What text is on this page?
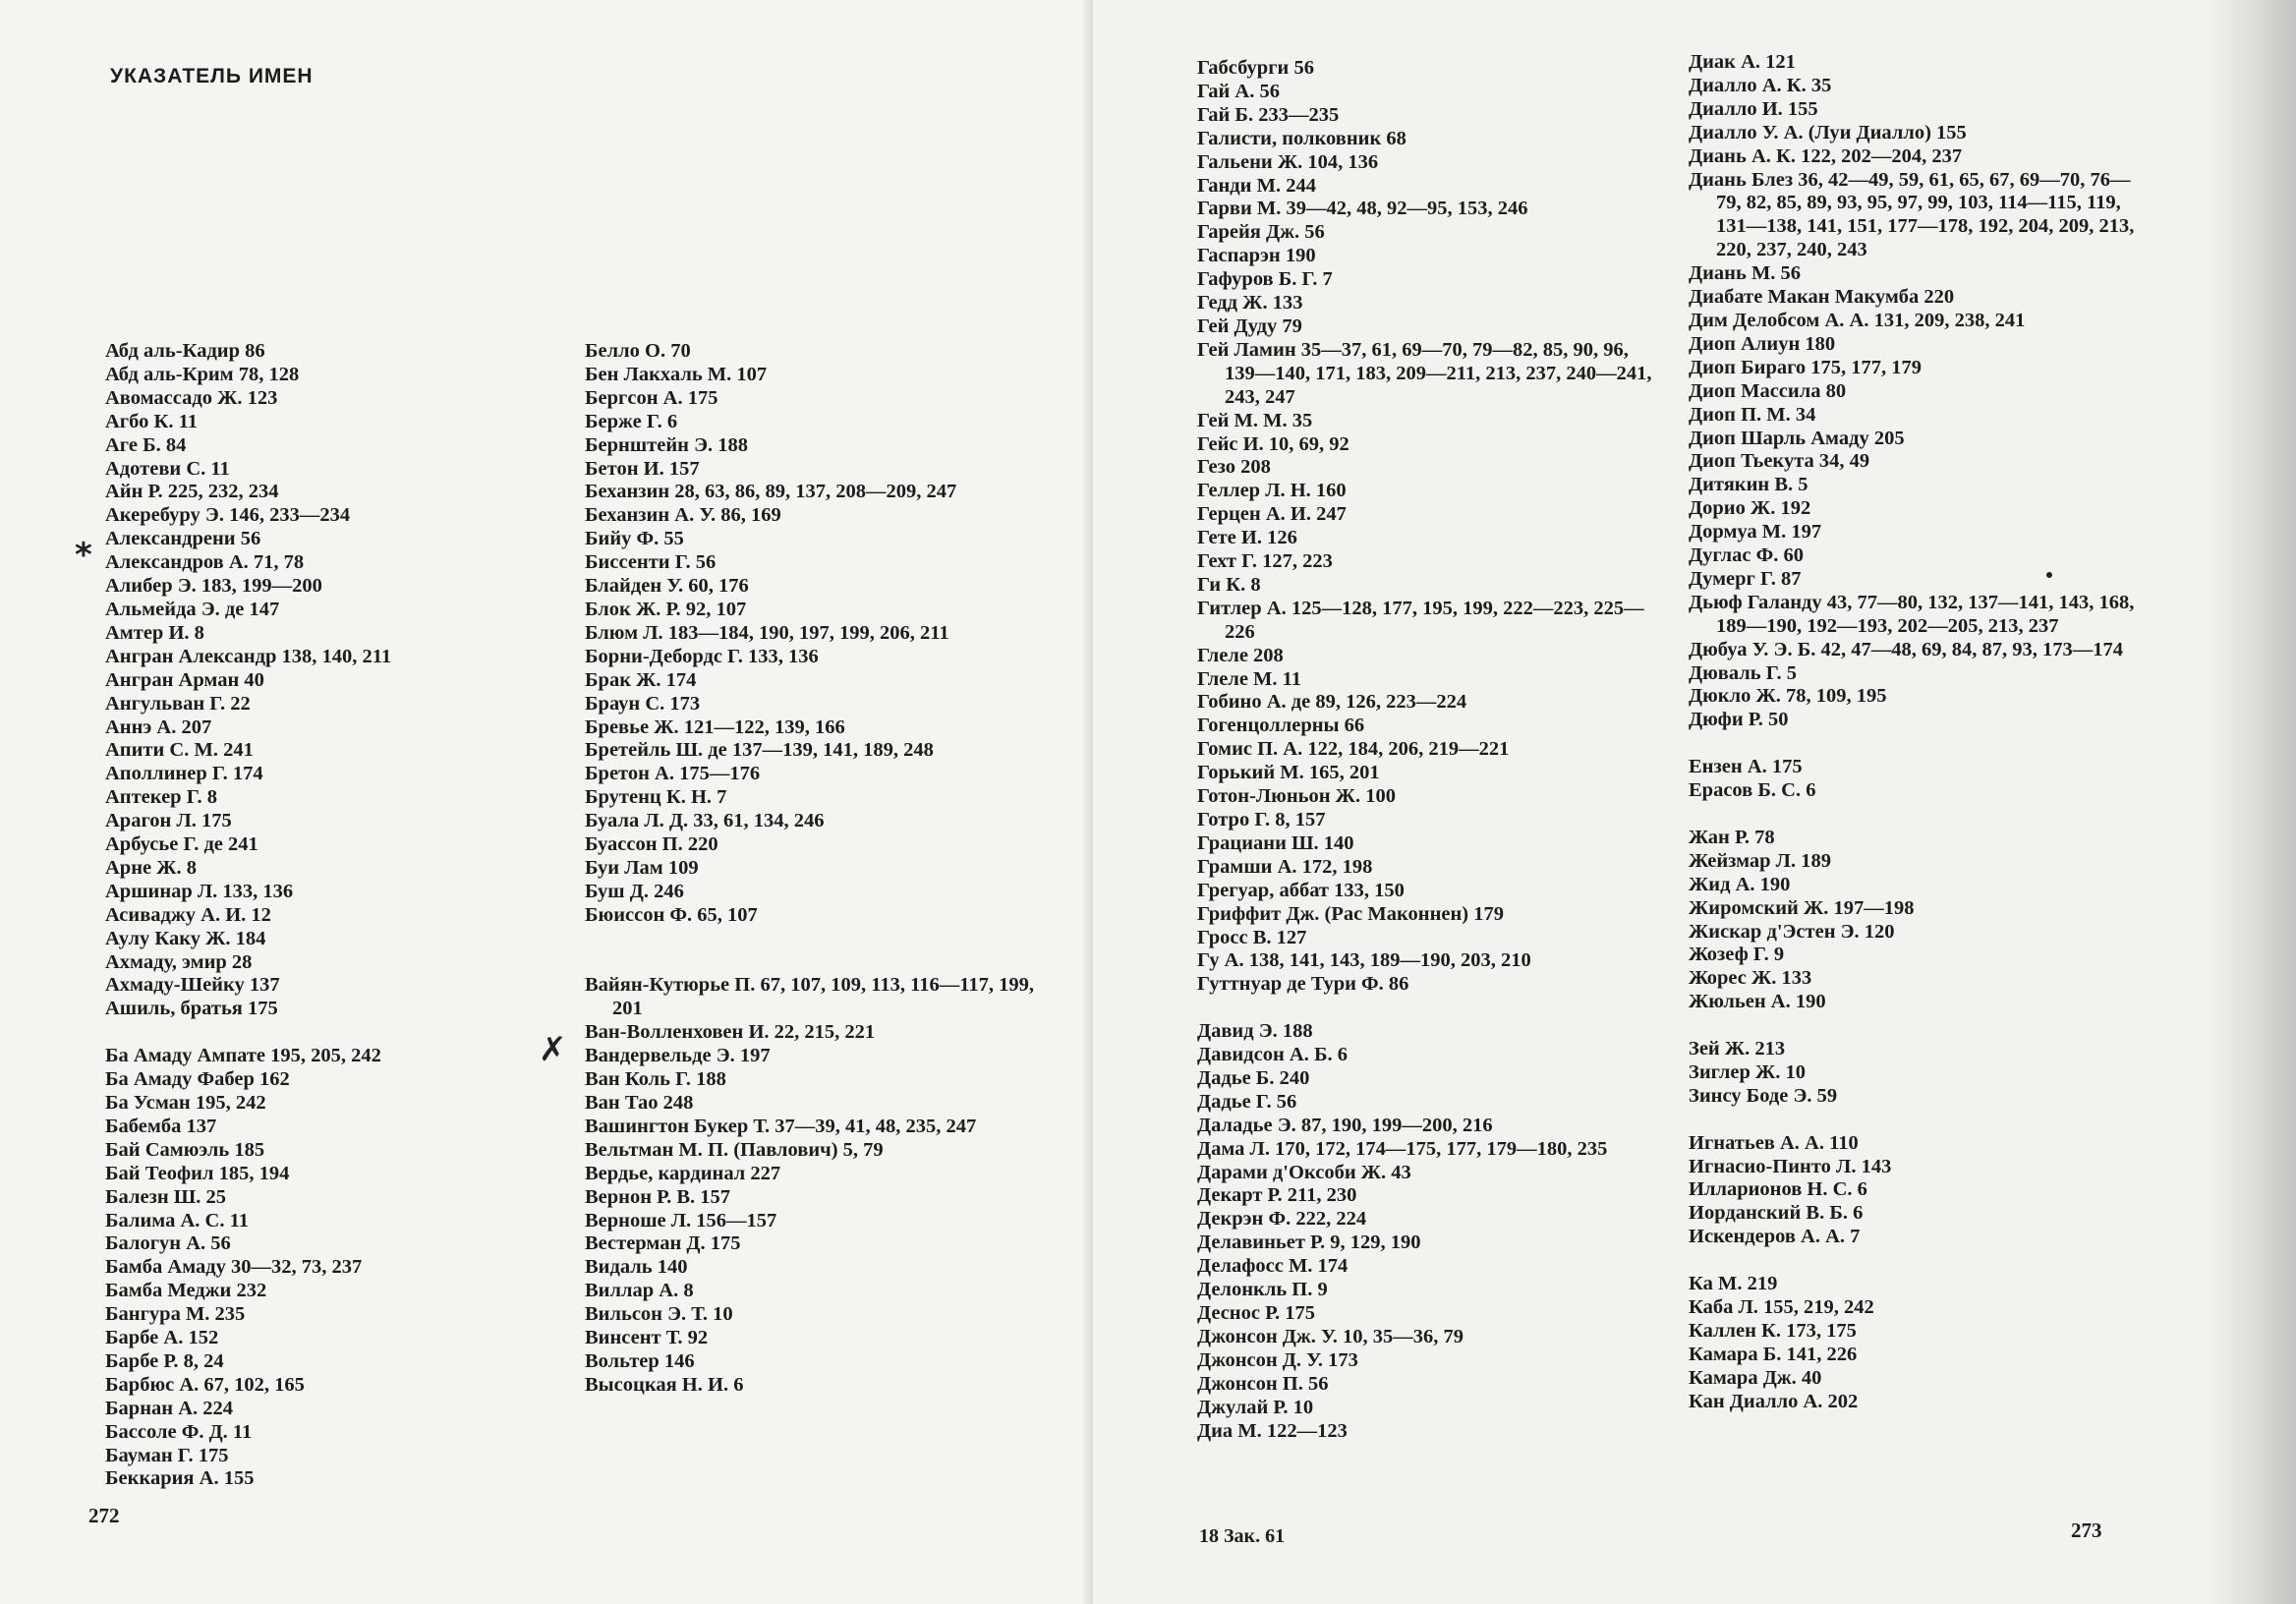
УКАЗАТЕЛЬ ИМЕН
Абд аль-Кадир 86
Абд аль-Крим 78, 128
Авомассадо Ж. 123
Агбо К. 11
Аге Б. 84
Адотеви С. 11
Айн Р. 225, 232, 234
Акеребуру Э. 146, 233—234
Александрени 56
Александров А. 71, 78
Алибер Э. 183, 199—200
Альмейда Э. де 147
Амтер И. 8
Ангран Александр 138, 140, 211
Ангран Арман 40
Ангульван Г. 22
Аннэ А. 207
Апити С. М. 241
Аполлинер Г. 174
Аптекер Г. 8
Арагон Л. 175
Арбусье Г. де 241
Арне Ж. 8
Аршинар Л. 133, 136
Асиваджу А. И. 12
Аулу Каку Ж. 184
Ахмаду, эмир 28
Ахмаду-Шейку 137
Ашиль, братья 175
Ба Амаду Ампате 195, 205, 242
Ба Амаду Фабер 162
Ба Усман 195, 242
Бабемба 137
Бай Самюэль 185
Бай Теофил 185, 194
Балезн Ш. 25
Балима А. С. 11
Балогун А. 56
Бамба Амаду 30—32, 73, 237
Бамба Меджи 232
Бангура М. 235
Барбе А. 152
Барбе Р. 8, 24
Барбюс А. 67, 102, 165
Барнан А. 224
Бассоле Ф. Д. 11
Бауман Г. 175
Беккария А. 155
Белло О. 70
Бен Лакхаль М. 107
Бергсон А. 175
Берже Г. 6
Бернштейн Э. 188
Бетон И. 157
Беханзин 28, 63, 86, 89, 137, 208—209, 247
Беханзин А. У. 86, 169
Бийу Ф. 55
Биссенти Г. 56
Блайден У. 60, 176
Блок Ж. Р. 92, 107
Блюм Л. 183—184, 190, 197, 199, 206, 211
Борни-Дебордс Г. 133, 136
Брак Ж. 174
Браун С. 173
Бревье Ж. 121—122, 139, 166
Бретейль Ш. де 137—139, 141, 189, 248
Бретон А. 175—176
Брутенц К. Н. 7
Буала Л. Д. 33, 61, 134, 246
Буассон П. 220
Буи Лам 109
Буш Д. 246
Бюиссон Ф. 65, 107
Вайян-Кутюрье П. 67, 107, 109, 113, 116—117, 199, 201
Ван-Волленховен И. 22, 215, 221
Вандервельде Э. 197
Ван Коль Г. 188
Ван Тао 248
Вашингтон Букер Т. 37—39, 41, 48, 235, 247
Вельтман М. П. (Павлович) 5, 79
Вердье, кардинал 227
Вернон Р. В. 157
Верноше Л. 156—157
Вестерман Д. 175
Видаль 140
Виллар А. 8
Вильсон Э. Т. 10
Винсент Т. 92
Вольтер 146
Высоцкая Н. И. 6
272
*
✗
Габсбурги 56
Гай А. 56
Гай Б. 233—235
Галисти, полковник 68
Гальени Ж. 104, 136
Ганди М. 244
Гарви М. 39—42, 48, 92—95, 153, 246
Гарейя Дж. 56
Гаспарэн 190
Гафуров Б. Г. 7
Гедд Ж. 133
Гей Дуду 79
Гей Ламин 35—37, 61, 69—70, 79—82, 85, 90, 96, 139—140, 171, 183, 209—211, 213, 237, 240—241, 243, 247
Гей М. М. 35
Гейс И. 10, 69, 92
Гезо 208
Геллер Л. Н. 160
Герцен А. И. 247
Гете И. 126
Гехт Г. 127, 223
Ги К. 8
Гитлер А. 125—128, 177, 195, 199, 222—223, 225—226
Глеле 208
Глеле М. 11
Гобино А. де 89, 126, 223—224
Гогенцоллерны 66
Гомис П. А. 122, 184, 206, 219—221
Горький М. 165, 201
Готон-Люньон Ж. 100
Готро Г. 8, 157
Грациани Ш. 140
Грамши А. 172, 198
Грегуар, аббат 133, 150
Гриффит Дж. (Рас Маконнен) 179
Гросс В. 127
Гу А. 138, 141, 143, 189—190, 203, 210
Гуттнуар де Тури Ф. 86
Давид Э. 188
Давидсон А. Б. 6
Дадье Б. 240
Дадье Г. 56
Даладье Э. 87, 190, 199—200, 216
Дама Л. 170, 172, 174—175, 177, 179—180, 235
Дарами д'Оксоби Ж. 43
Декарт Р. 211, 230
Декрэн Ф. 222, 224
Делавиньет Р. 9, 129, 190
Делафосс М. 174
Делонкль П. 9
Деснос Р. 175
Джонсон Дж. У. 10, 35—36, 79
Джонсон Д. У. 173
Джонсон П. 56
Джулай Р. 10
Диа М. 122—123
Диак А. 121
Диалло А. К. 35
Диалло И. 155
Диалло У. А. (Луи Диалло) 155
Диань А. К. 122, 202—204, 237
Диань Блез 36, 42—49, 59, 61, 65, 67, 69—70, 76—79, 82, 85, 89, 93, 95, 97, 99, 103, 114—115, 119, 131—138, 141, 151, 177—178, 192, 204, 209, 213, 220, 237, 240, 243
Диань М. 56
Диабате Макан Макумба 220
Дим Делобсом А. А. 131, 209, 238, 241
Диоп Алиун 180
Диоп Бираго 175, 177, 179
Диоп Массила 80
Диоп П. М. 34
Диоп Шарль Амаду 205
Диоп Тьекута 34, 49
Дитякин В. 5
Дорио Ж. 192
Дормуа М. 197
Дуглас Ф. 60
Думерг Г. 87
Дьюф Галанду 43, 77—80, 132, 137—141, 143, 168, 189—190, 192—193, 202—205, 213, 237
Дюбуа У. Э. Б. 42, 47—48, 69, 84, 87, 93, 173—174
Дюваль Г. 5
Дюкло Ж. 78, 109, 195
Дюфи Р. 50
Ензен А. 175
Ерасов Б. С. 6
Жан Р. 78
Жейзмар Л. 189
Жид А. 190
Жиромский Ж. 197—198
Жискар д'Эстен Э. 120
Жозеф Г. 9
Жорес Ж. 133
Жюльен А. 190
Зей Ж. 213
Зиглер Ж. 10
Зинсу Боде Э. 59
Игнатьев А. А. 110
Игнасио-Пинто Л. 143
Илларионов Н. С. 6
Иорданский В. Б. 6
Искендеров А. А. 7
Ка М. 219
Каба Л. 155, 219, 242
Каллен К. 173, 175
Камара Б. 141, 226
Камара Дж. 40
Кан Диалло А. 202
18 Зак. 61	273
